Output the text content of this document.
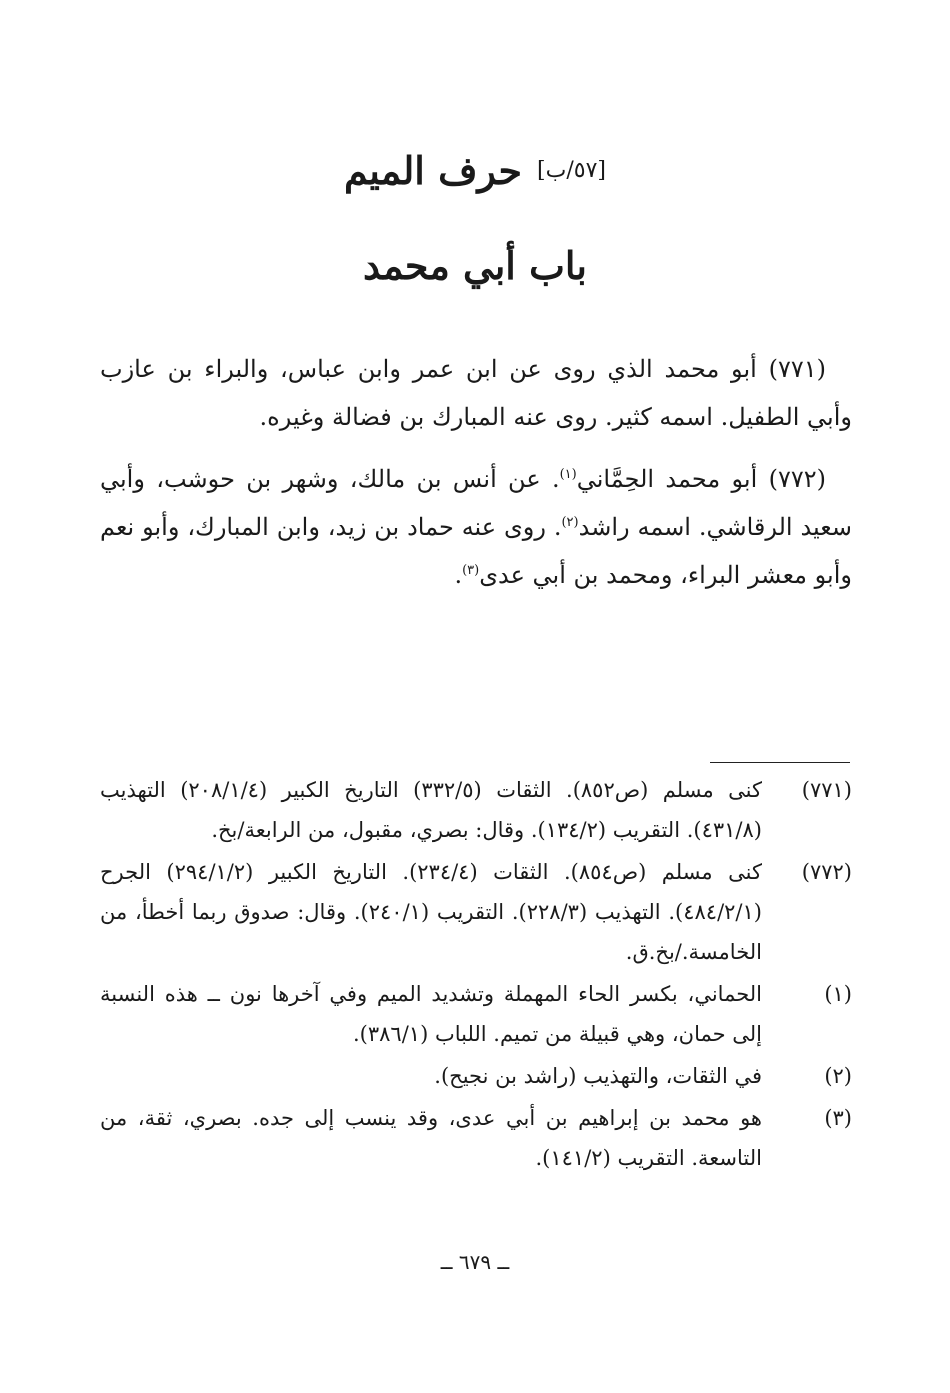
[٥٧/ب] حرف الميم
باب أبي محمد

(٧٧١) أبو محمد الذي روى عن ابن عمر وابن عباس، والبراء بن عازب وأبي الطفيل. اسمه كثير. روى عنه المبارك بن فضالة وغيره.

(٧٧٢) أبو محمد الحِمَّاني$^{(١)}$. عن أنس بن مالك، وشهر بن حوشب، وأبي سعيد الرقاشي. اسمه راشد$^{(٢)}$. روى عنه حماد بن زيد، وابن المبارك، وأبو نعم وأبو معشر البراء، ومحمد بن أبي عدى$^{(٣)}$.

(٧٧١)
كنى مسلم (ص٨٥٢). الثقات (٣٣٢/٥) التاريخ الكبير (٢٠٨/١/٤) التهذيب (٤٣١/٨). التقريب (١٣٤/٢). وقال: بصري، مقبول، من الرابعة/بخ.
(٧٧٢)
كنى مسلم (ص٨٥٤). الثقات (٢٣٤/٤). التاريخ الكبير (٢٩٤/١/٢) الجرح (٤٨٤/٢/١). التهذيب (٢٢٨/٣). التقريب (٢٤٠/١). وقال: صدوق ربما أخطأ، من الخامسة./بخ.ق.
(١)
الحماني، بكسر الحاء المهملة وتشديد الميم وفي آخرها نون ــ هذه النسبة إلى حمان، وهي قبيلة من تميم. اللباب (٣٨٦/١).
(٢)
في الثقات، والتهذيب (راشد بن نجيح).
(٣)
هو محمد بن إبراهيم بن أبي عدى، وقد ينسب إلى جده. بصري، ثقة، من التاسعة. التقريب (١٤١/٢).
ــ ٦٧٩ ــ
